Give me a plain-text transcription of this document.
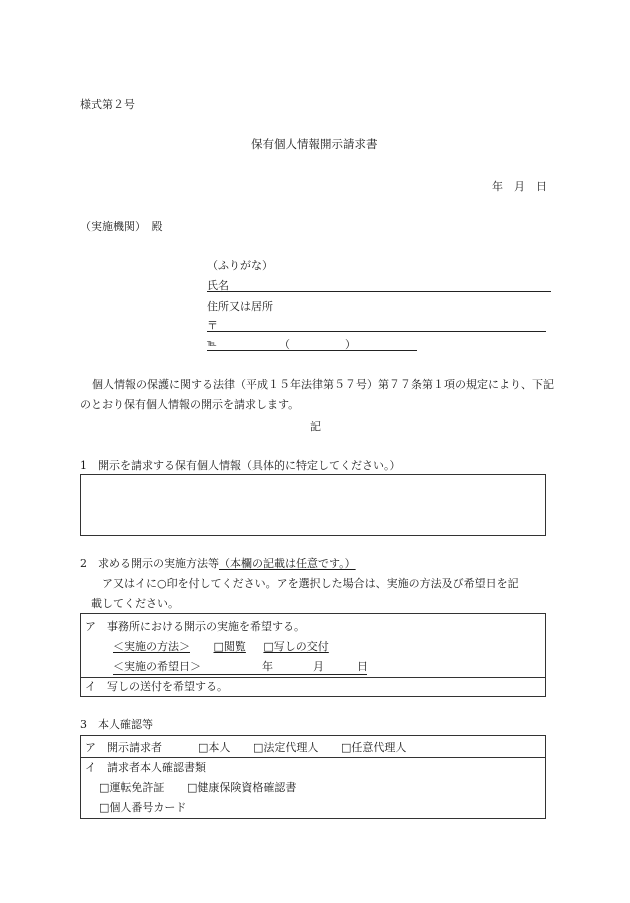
様式第２号
保有個人情報開示請求書
年　月　日
（実施機関）　殿
（ふりがな）
氏名
住所又は居所
〒
℡	（　　　　　）
個人情報の保護に関する法律（平成１５年法律第５７号）第７７条第１項の規定により、下記
のとおり保有個人情報の開示を請求します。
記
1　開示を請求する保有個人情報（具体的に特定してください。）
2　求める開示の実施方法等（本欄の記載は任意です。）
ア又はイに○印を付してください。アを選択した場合は、実施の方法及び希望日を記
載してください。
ア　事務所における開示の実施を希望する。
＜実施の方法＞ □閲覧 □写しの交付
＜実施の希望日＞	年	月	日
イ　写しの送付を希望する。
3　本人確認等
ア　開示請求者	□本人 □法定代理人 □任意代理人
イ　請求者本人確認書類
□運転免許証 □健康保険資格確認書
□個人番号カード
